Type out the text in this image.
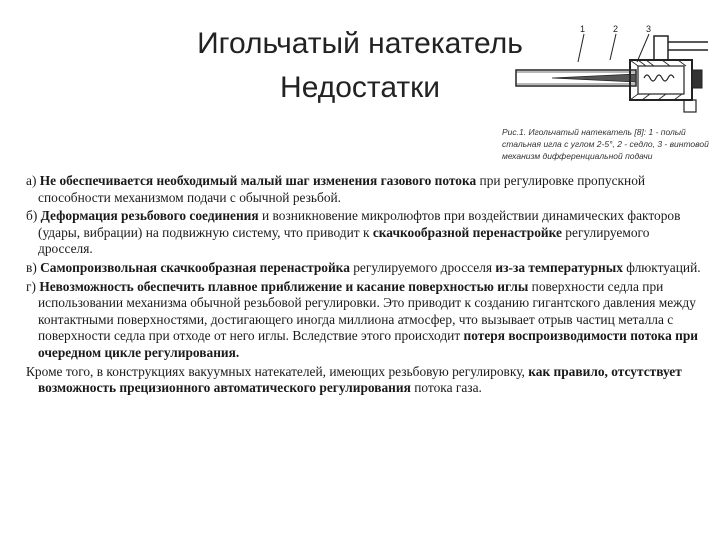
Игольчатый натекатель
Недостатки
1	2	3
Рис.1. Игольчатый натекатель [8]: 1 - полый стальная игла с углом 2-5°, 2 - седло, 3 - винтовой механизм дифференциальной подачи

а) Не обеспечивается необходимый малый шаг изменения газового потока при регулировке пропускной способности механизмом подачи с обычной резьбой.

б) Деформация резьбового соединения и возникновение микролюфтов при воздействии динамических факторов (удары, вибрации) на подвижную систему, что приводит к скачкообразной перенастройке регулируемого дросселя.

в) Самопроизвольная скачкообразная перенастройка регулируемого дросселя из-за температурных флюктуаций.

г) Невозможность обеспечить плавное приближение и касание поверхностью иглы поверхности седла при использовании механизма обычной резьбовой регулировки. Это приводит к созданию гигантского давления между контактными поверхностями, достигающего иногда миллиона атмосфер, что вызывает отрыв частиц металла с поверхности седла при отходе от него иглы. Вследствие этого происходит потеря воспроизводимости потока при очередном цикле регулирования.

Кроме того, в конструкциях вакуумных натекателей, имеющих резьбовую регулировку, как правило, отсутствует возможность прецизионного автоматического регулирования потока газа.
